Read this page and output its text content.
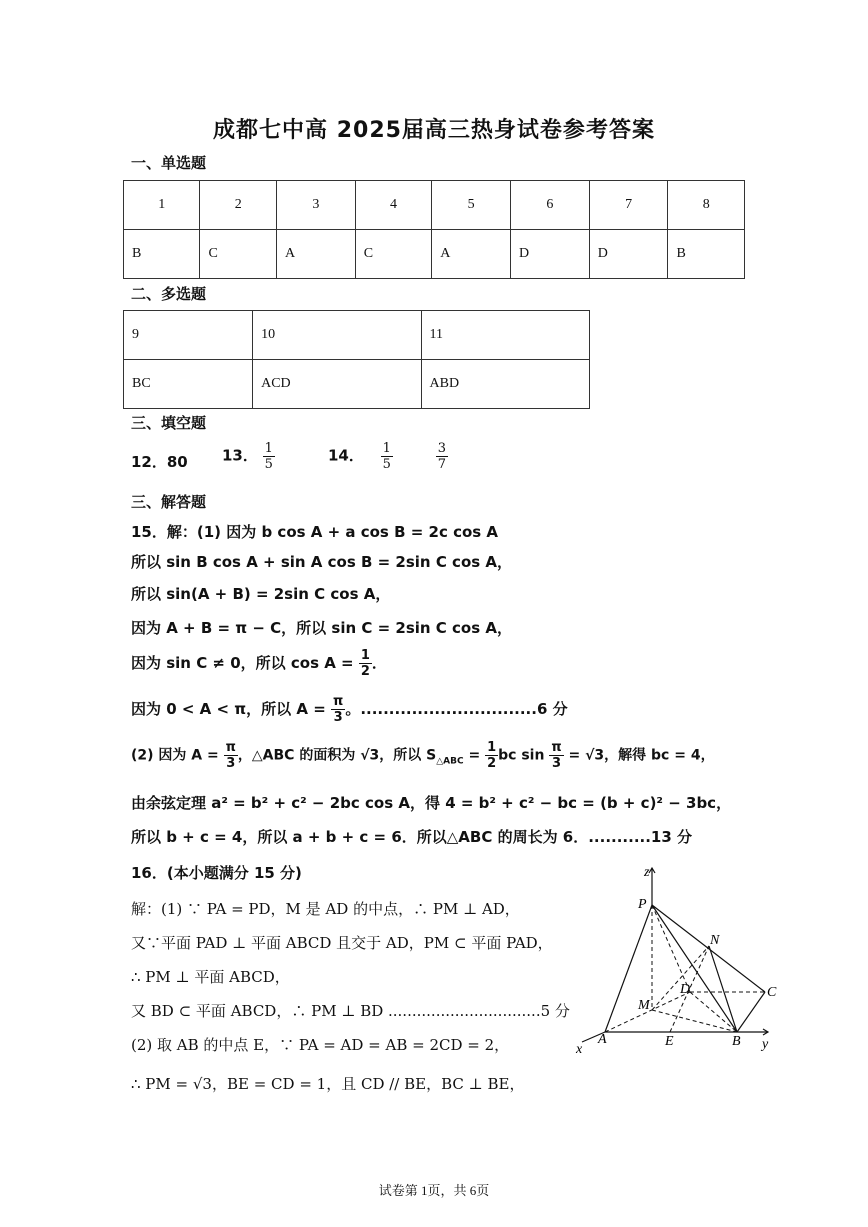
成都七中高 2025届高三热身试卷参考答案
一、单选题
1	2	3	4	5	6	7	8
B	C	A	C	A	D	D	B
二、多选题
9	10	11
BC	ACD	ABD
三、填空题
12．80 13． $\frac{1}{5}$	14． $\frac{1}{5}$
	$\frac{3}{7}$
三、解答题
15．解：(1) 因为 b cos A + a cos B = 2c cos A
所以 sin B cos A + sin A cos B = 2sin C cos A，
所以 sin(A + B) = 2sin C cos A，
因为 A + B = π − C，所以 sin C = 2sin C cos A，
因为 sin C ≠ 0，所以 $\cos A = \frac{1}{2}$ ．
因为 0 < A < π，所以 $A = \frac{\pi}{3}$ 。...............................6 分
(2) 因为 $A = \frac{\pi}{3}$ ，△ABC 的面积为 √3，所以 $S_{\triangle ABC} = \frac{1}{2}$ bc $\sin \frac{\pi}{3} = √3$，解得 bc = 4，
由余弦定理 a² = b² + c² − 2bc cos A，得 4 = b² + c² − bc = (b + c)² − 3bc，
所以 b + c = 4，所以 a + b + c = 6．所以△ABC 的周长为 6．...........13 分
16．(本小题满分 15 分)
解：(1) ∵ PA = PD，M 是 AD 的中点，∴ PM ⊥ AD，
又∵平面 PAD ⊥ 平面 ABCD 且交于 AD，PM ⊂ 平面 PAD，
∴ PM ⊥ 平面 ABCD，
又 BD ⊂ 平面 ABCD，∴ PM ⊥ BD ................................5 分
(2) 取 AB 的中点 E，∵ PA = AD = AB = 2CD = 2，
∴ PM = √3，BE = CD = 1，且 CD // BE，BC ⊥ BE，
z
P
N
D	C
M
A	E	B
x	y
试卷第 1页，共 6页
